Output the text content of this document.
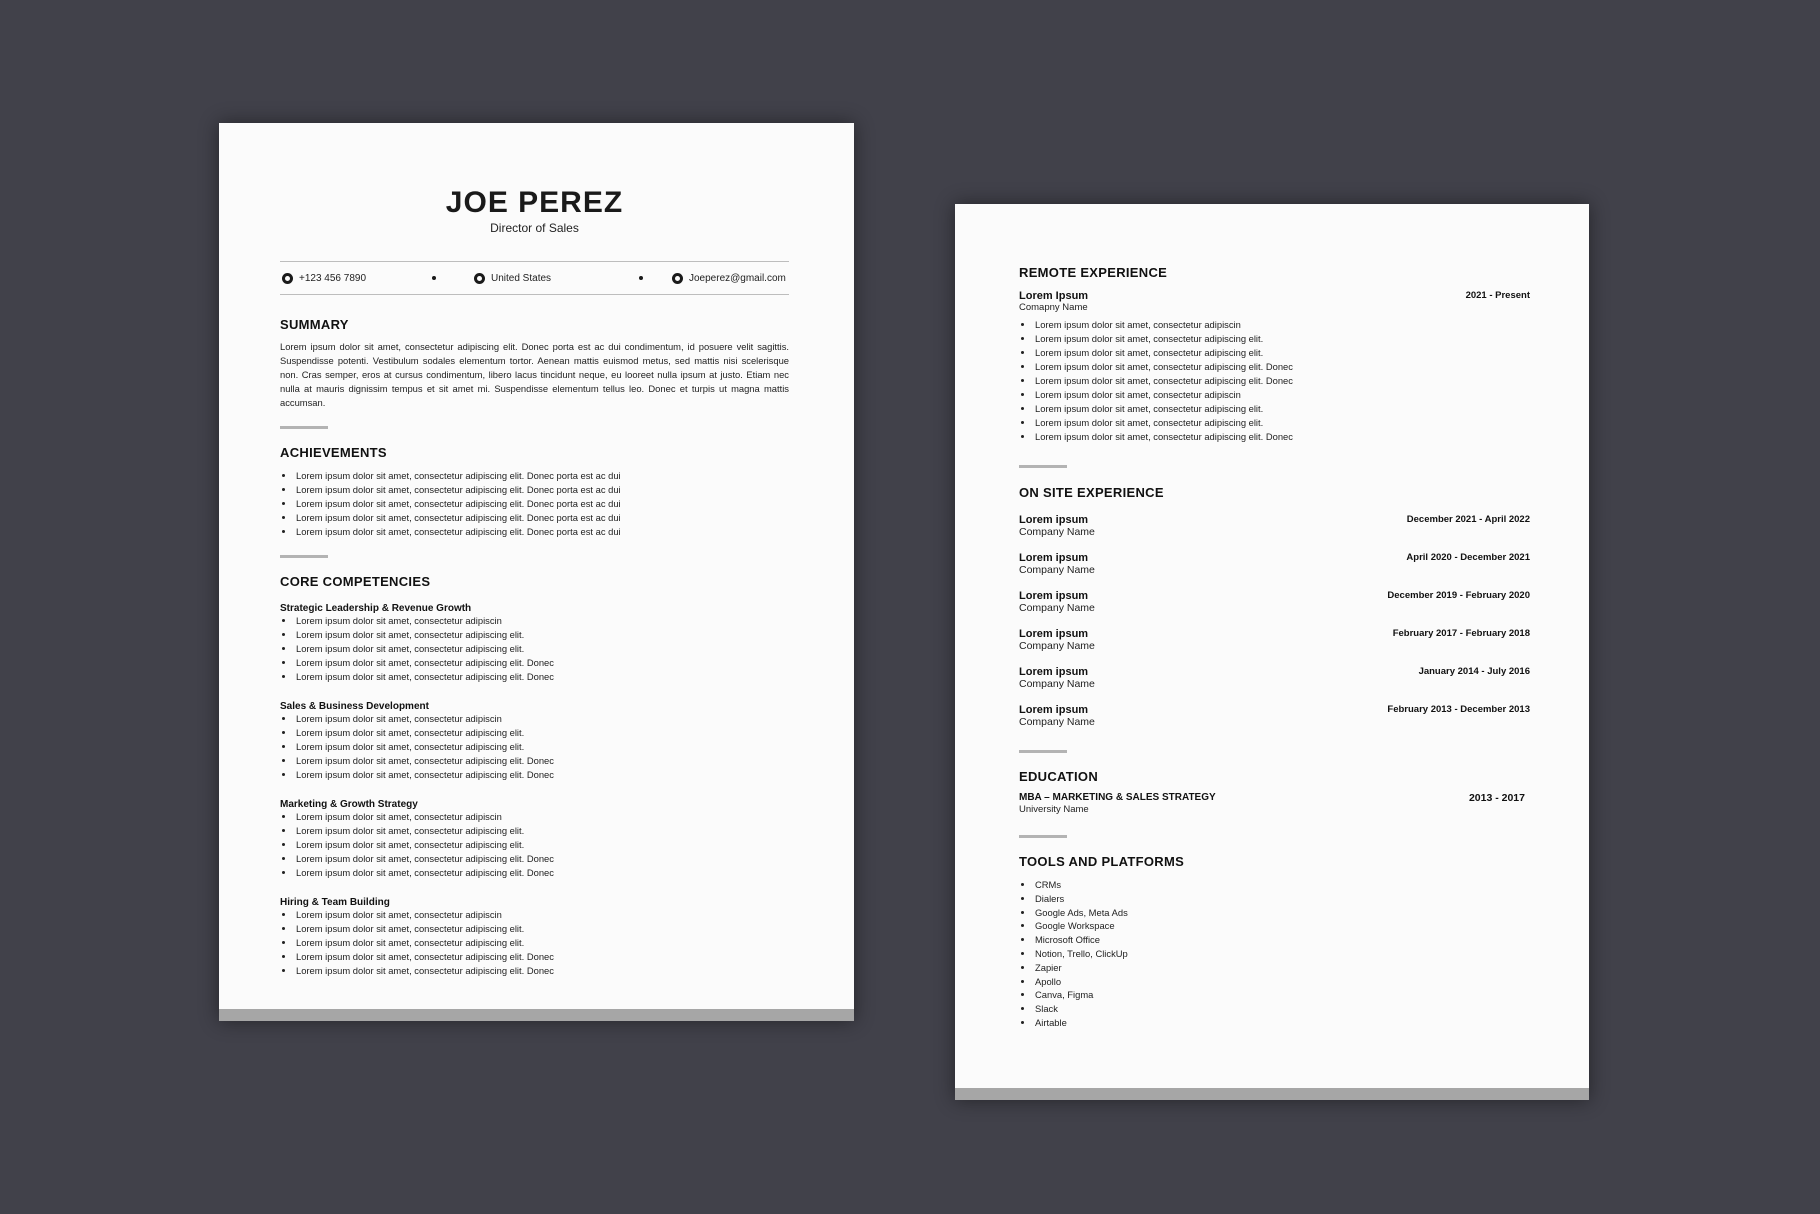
JOE PEREZ
Director of Sales
+123 456 7890	United States	Joeperez@gmail.com
SUMMARY
Lorem ipsum dolor sit amet, consectetur adipiscing elit. Donec porta est ac dui condimentum, id posuere velit sagittis. Suspendisse potenti. Vestibulum sodales elementum tortor. Aenean mattis euismod metus, sed mattis nisi scelerisque non. Cras semper, eros at cursus condimentum, libero lacus tincidunt neque, eu looreet nulla ipsum at justo. Etiam nec nulla at mauris dignissim tempus et sit amet mi. Suspendisse elementum tellus leo. Donec et turpis ut magna mattis accumsan.
ACHIEVEMENTS
• Lorem ipsum dolor sit amet, consectetur adipiscing elit. Donec porta est ac dui
• Lorem ipsum dolor sit amet, consectetur adipiscing elit. Donec porta est ac dui
• Lorem ipsum dolor sit amet, consectetur adipiscing elit. Donec porta est ac dui
• Lorem ipsum dolor sit amet, consectetur adipiscing elit. Donec porta est ac dui
• Lorem ipsum dolor sit amet, consectetur adipiscing elit. Donec porta est ac dui
CORE COMPETENCIES
Strategic Leadership & Revenue Growth
• Lorem ipsum dolor sit amet, consectetur adipiscin
• Lorem ipsum dolor sit amet, consectetur adipiscing elit.
• Lorem ipsum dolor sit amet, consectetur adipiscing elit.
• Lorem ipsum dolor sit amet, consectetur adipiscing elit. Donec
• Lorem ipsum dolor sit amet, consectetur adipiscing elit. Donec
Sales & Business Development
• Lorem ipsum dolor sit amet, consectetur adipiscin
• Lorem ipsum dolor sit amet, consectetur adipiscing elit.
• Lorem ipsum dolor sit amet, consectetur adipiscing elit.
• Lorem ipsum dolor sit amet, consectetur adipiscing elit. Donec
• Lorem ipsum dolor sit amet, consectetur adipiscing elit. Donec
Marketing & Growth Strategy
• Lorem ipsum dolor sit amet, consectetur adipiscin
• Lorem ipsum dolor sit amet, consectetur adipiscing elit.
• Lorem ipsum dolor sit amet, consectetur adipiscing elit.
• Lorem ipsum dolor sit amet, consectetur adipiscing elit. Donec
• Lorem ipsum dolor sit amet, consectetur adipiscing elit. Donec
Hiring & Team Building
• Lorem ipsum dolor sit amet, consectetur adipiscin
• Lorem ipsum dolor sit amet, consectetur adipiscing elit.
• Lorem ipsum dolor sit amet, consectetur adipiscing elit.
• Lorem ipsum dolor sit amet, consectetur adipiscing elit. Donec
• Lorem ipsum dolor sit amet, consectetur adipiscing elit. Donec
REMOTE EXPERIENCE
Lorem Ipsum	2021 - Present
Comapny Name
• Lorem ipsum dolor sit amet, consectetur adipiscin
• Lorem ipsum dolor sit amet, consectetur adipiscing elit.
• Lorem ipsum dolor sit amet, consectetur adipiscing elit.
• Lorem ipsum dolor sit amet, consectetur adipiscing elit. Donec
• Lorem ipsum dolor sit amet, consectetur adipiscing elit. Donec
• Lorem ipsum dolor sit amet, consectetur adipiscin
• Lorem ipsum dolor sit amet, consectetur adipiscing elit.
• Lorem ipsum dolor sit amet, consectetur adipiscing elit.
• Lorem ipsum dolor sit amet, consectetur adipiscing elit. Donec
ON SITE EXPERIENCE
Lorem ipsum	December 2021 - April 2022
Company Name
Lorem ipsum	April 2020 - December 2021
Company Name
Lorem ipsum	December 2019 - February 2020
Company Name
Lorem ipsum	February 2017 - February 2018
Company Name
Lorem ipsum	January 2014 - July 2016
Company Name
Lorem ipsum	February 2013 - December 2013
Company Name
EDUCATION
MBA – MARKETING & SALES STRATEGY	2013 - 2017
University Name
TOOLS AND PLATFORMS
• CRMs
• Dialers
• Google Ads, Meta Ads
• Google Workspace
• Microsoft Office
• Notion, Trello, ClickUp
• Zapier
• Apollo
• Canva, Figma
• Slack
• Airtable
